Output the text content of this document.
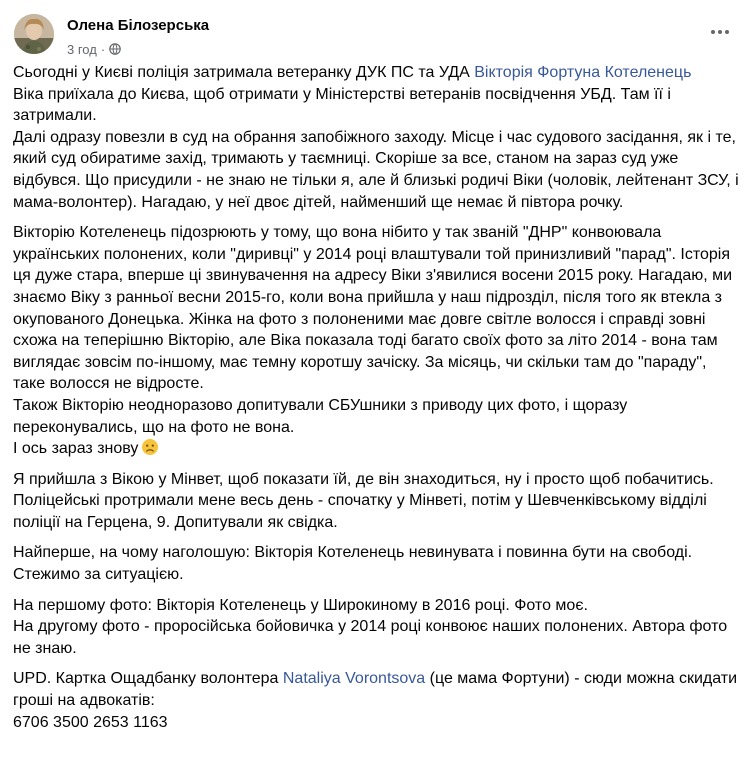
Олена Білозерська
3 год ·

Сьогодні у Києві поліція затримала ветеранку ДУК ПС та УДА Вікторія Фортуна Котеленець
Віка приїхала до Києва, щоб отримати у Міністерстві ветеранів посвідчення УБД. Там її і затримали.
Далі одразу повезли в суд на обрання запобіжного заходу. Місце і час судового засідання, як і те, який суд обиратиме захід, тримають у таємниці. Скоріше за все, станом на зараз суд уже відбувся. Що присудили - не знаю не тільки я, але й близькі родичі Віки (чоловік, лейтенант ЗСУ, і мама-волонтер). Нагадаю, у неї двоє дітей, найменший ще немає й півтора рочку.

Вікторію Котеленець підозрюють у тому, що вона нібито у так званій "ДНР" конвоювала українських полонених, коли "диривці" у 2014 році влаштували той принизливий "парад". Історія ця дуже стара, вперше ці звинувачення на адресу Віки з'явилися восени 2015 року. Нагадаю, ми знаємо Віку з ранньої весни 2015-го, коли вона прийшла у наш підрозділ, після того як втекла з окупованого Донецька. Жінка на фото з полоненими має довге світле волосся і справді зовні схожа на теперішню Вікторію, але Віка показала тоді багато своїх фото за літо 2014 - вона там виглядає зовсім по-іншому, має темну коротшу зачіску. За місяць, чи скільки там до "параду", таке волосся не відросте.
Також Вікторію неодноразово допитували СБУшники з приводу цих фото, і щоразу переконувались, що на фото не вона.
І ось зараз знову

Я прийшла з Вікою у Мінвет, щоб показати їй, де він знаходиться, ну і просто щоб побачитись. Поліцейські протримали мене весь день - спочатку у Мінветі, потім у Шевченківському відділі поліції на Герцена, 9. Допитували як свідка.

Найперше, на чому наголошую: Вікторія Котеленець невинувата і повинна бути на свободі. Стежимо за ситуацією.

На першому фото: Вікторія Котеленець у Широкиному в 2016 році. Фото моє.
На другому фото - проросійська бойовичка у 2014 році конвоює наших полонених. Автора фото не знаю.

UPD. Картка Ощадбанку волонтера Nataliya Vorontsova (це мама Фортуни) - сюди можна скидати гроші на адвокатів:
6706 3500 2653 1163
